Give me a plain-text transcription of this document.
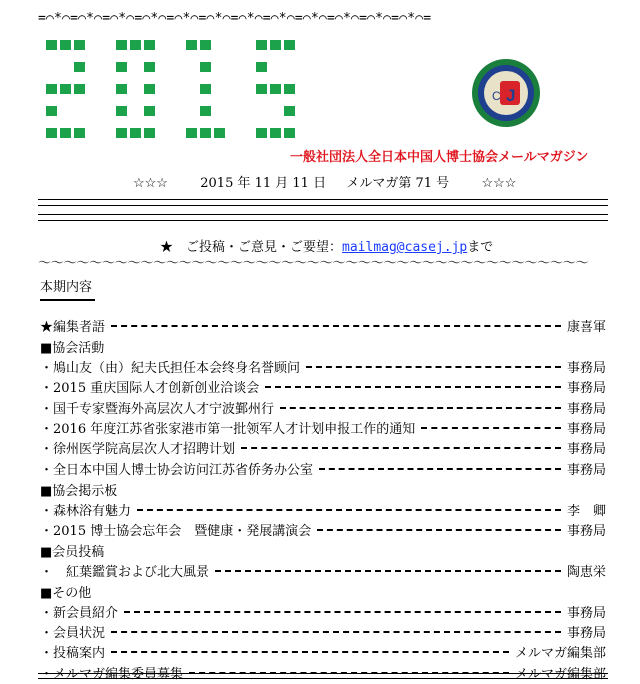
=⌒*⌒=⌒*⌒=⌒*⌒=⌒*⌒=⌒*⌒=⌒*⌒=⌒*⌒=⌒*⌒=⌒*⌒=⌒*⌒=⌒*⌒=⌒*⌒=
J
C
一般社団法人全日本中国人博士協会メールマガジン
☆☆☆ 2015 年 11 月 11 日 メルマガ第 71 号 ☆☆☆
★　ご投稿・ご意見・ご要望：mailmag@casej.jpまで
～～～～～～～～～～～～～～～～～～～～～～～～～～～～～～～～～～～～～～～～～～～
本期内容
★編集者語	康喜軍
■協会活動
・鳩山友（由）紀夫氏担任本会终身名誉顾问	事務局
・2015 重庆国际人才创新创业洽谈会	事務局
・国千专家暨海外高层次人才宁波鄞州行	事務局
・2016 年度江苏省张家港市第一批领军人才计划申报工作的通知	事務局
・徐州医学院高层次人才招聘计划	事務局
・全日本中国人博士协会访问江苏省侨务办公室	事務局
■協会掲示板
・森林浴有魅力	李　卿
・2015 博士協会忘年会　暨健康・発展講演会	事務局
■会员投稿
・　紅葉鑑賞および北大風景	陶恵栄
■その他
・新会員紹介	事務局
・会員状況	事務局
・投稿案内	メルマガ編集部
・メルマガ編集委員募集	メルマガ編集部
